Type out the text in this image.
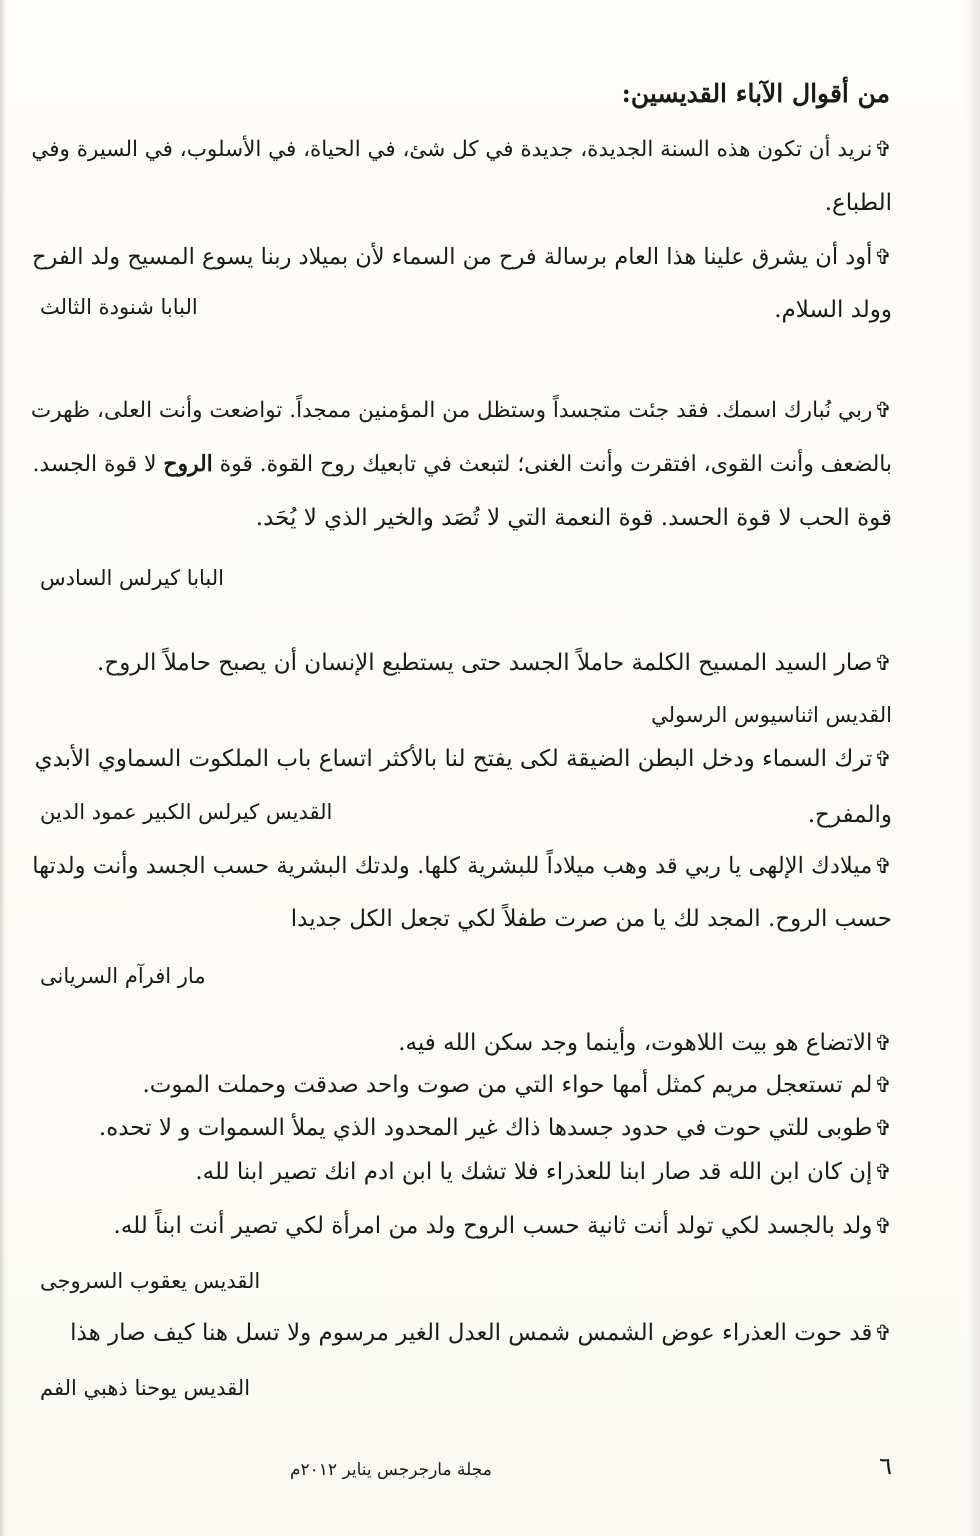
من أقوال الآباء القديسين:
✞نريد أن تكون هذه السنة الجديدة، جديدة في كل شئ، في الحياة، في الأسلوب، في السيرة وفي
الطباع.
✞أود أن يشرق علينا هذا العام برسالة فرح من السماء لأن بميلاد ربنا يسوع المسيح ولد الفرح
وولد السلام.
البابا شنودة الثالث
✞ربي نُبارك اسمك. فقد جئت متجسداً وستظل من المؤمنين ممجداً. تواضعت وأنت العلى، ظهرت
بالضعف وأنت القوى، افتقرت وأنت الغنى؛ لتبعث في تابعيك روح القوة. قوة الروح لا قوة الجسد.
قوة الحب لا قوة الحسد. قوة النعمة التي لا تُصَد والخير الذي لا يُحَد.
البابا كيرلس السادس
✞صار السيد المسيح الكلمة حاملاً الجسد حتى يستطيع الإنسان أن يصبح حاملاً الروح.
القديس اثناسيوس الرسولي
✞ترك السماء ودخل البطن الضيقة لكى يفتح لنا بالأكثر اتساع باب الملكوت السماوي الأبدي
والمفرح.
القديس كيرلس الكبير عمود الدين
✞ميلادك الإلهى يا ربي قد وهب ميلاداً للبشرية كلها. ولدتك البشرية حسب الجسد وأنت ولدتها
حسب الروح. المجد لك يا من صرت طفلاً لكي تجعل الكل جديدا
مار افرآم السريانى
✞الاتضاع هو بيت اللاهوت، وأينما وجد سكن الله فيه.
✞لم تستعجل مريم كمثل أمها حواء التي من صوت واحد صدقت وحملت الموت.
✞طوبى للتي حوت في حدود جسدها ذاك غير المحدود الذي يملأ السموات و لا تحده.
✞إن كان ابن الله قد صار ابنا للعذراء فلا تشك يا ابن ادم انك تصير ابنا لله.
✞ولد بالجسد لكي تولد أنت ثانية حسب الروح ولد من امرأة لكي تصير أنت ابناً لله.
القديس يعقوب السروجى
✞قد حوت العذراء عوض الشمس شمس العدل الغير مرسوم ولا تسل هنا كيف صار هذا
القديس يوحنا ذهبي الفم
٦
مجلة مارجرجس يناير ٢٠١٢م
